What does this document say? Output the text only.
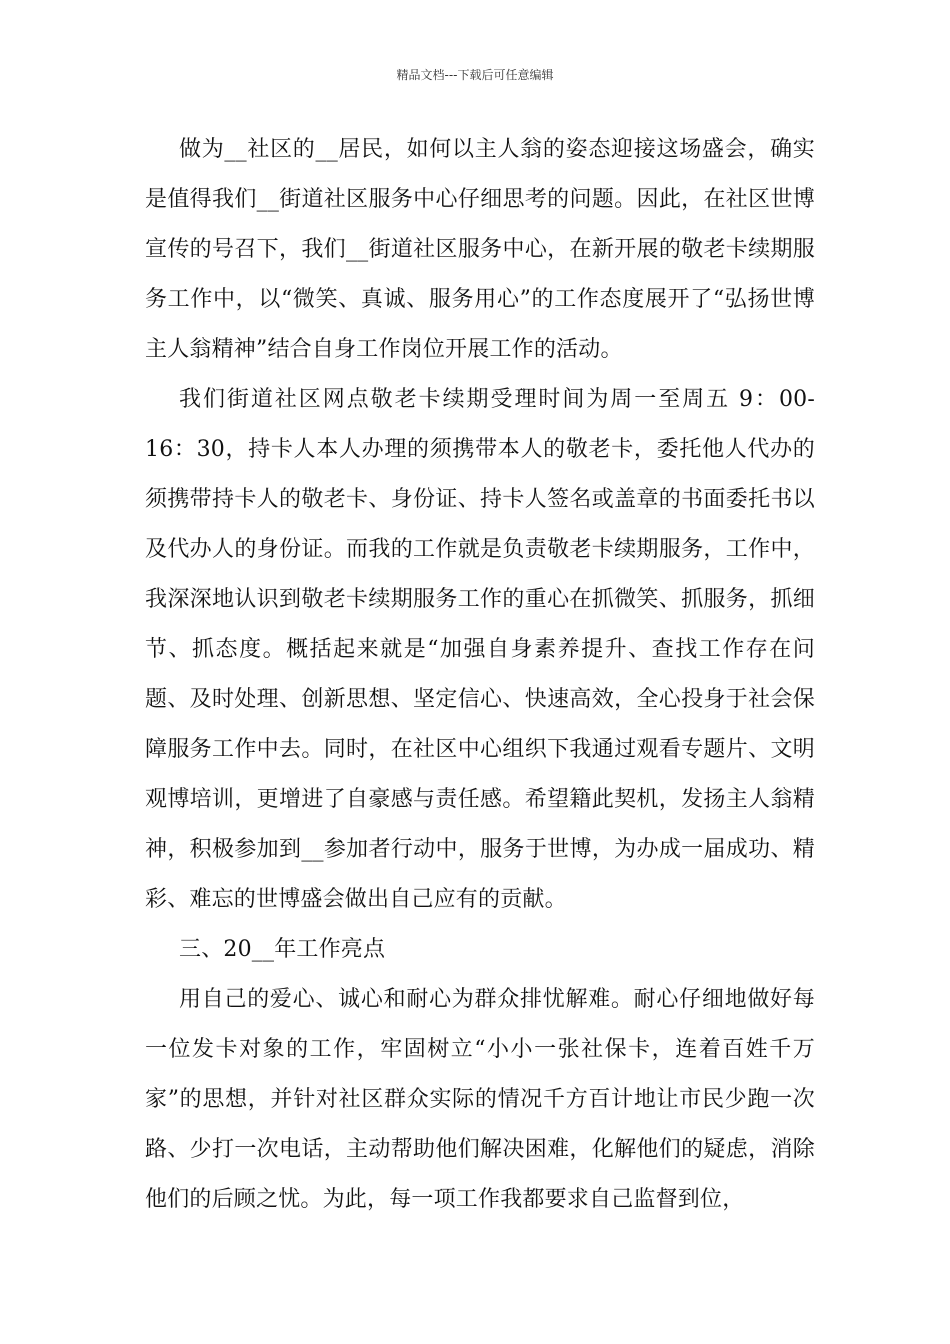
精品文档---下载后可任意编辑

做为__社区的__居民，如何以主人翁的姿态迎接这场盛会，确实是值得我们__街道社区服务中心仔细思考的问题。因此，在社区世博宣传的号召下，我们__街道社区服务中心，在新开展的敬老卡续期服务工作中，以“微笑、真诚、服务用心”的工作态度展开了“弘扬世博主人翁精神”结合自身工作岗位开展工作的活动。

我们街道社区网点敬老卡续期受理时间为周一至周五 9：00-16：30，持卡人本人办理的须携带本人的敬老卡，委托他人代办的须携带持卡人的敬老卡、身份证、持卡人签名或盖章的书面委托书以及代办人的身份证。而我的工作就是负责敬老卡续期服务，工作中，我深深地认识到敬老卡续期服务工作的重心在抓微笑、抓服务，抓细节、抓态度。概括起来就是“加强自身素养提升、查找工作存在问题、及时处理、创新思想、坚定信心、快速高效，全心投身于社会保障服务工作中去。同时，在社区中心组织下我通过观看专题片、文明观博培训，更增进了自豪感与责任感。希望籍此契机，发扬主人翁精神，积极参加到__参加者行动中，服务于世博，为办成一届成功、精彩、难忘的世博盛会做出自己应有的贡献。

三、20__年工作亮点

用自己的爱心、诚心和耐心为群众排忧解难。耐心仔细地做好每一位发卡对象的工作，牢固树立“小小一张社保卡，连着百姓千万家”的思想，并针对社区群众实际的情况千方百计地让市民少跑一次路、少打一次电话，主动帮助他们解决困难，化解他们的疑虑，消除他们的后顾之忧。为此，每一项工作我都要求自己监督到位，
